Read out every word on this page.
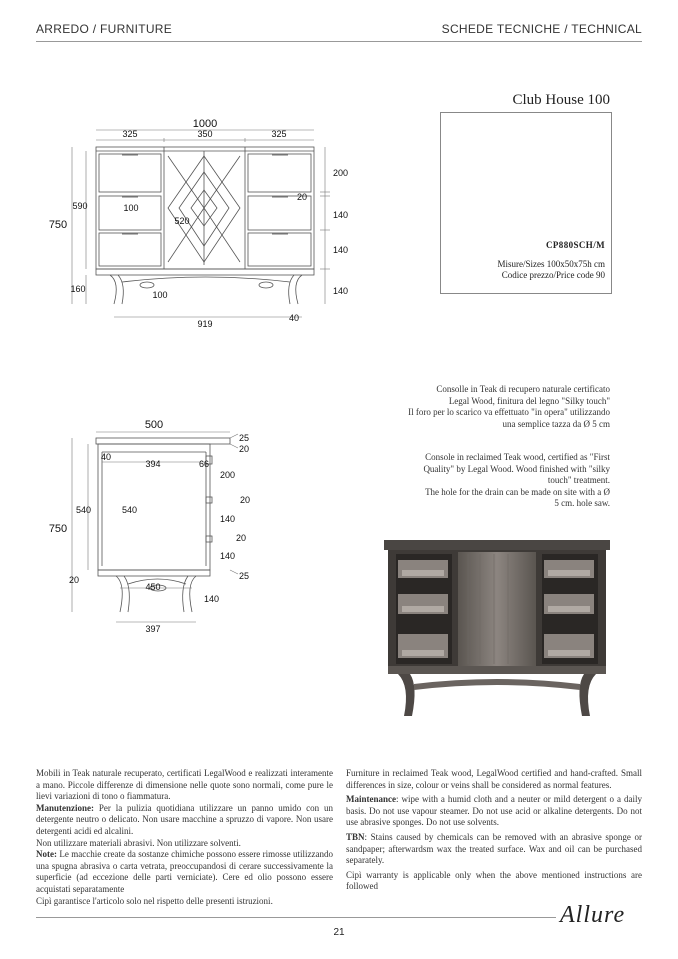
ARREDO / FURNITURE	SCHEDE TECNICHE / TECHNICAL
Club House 100
CP880SCH/M
Misure/Sizes 100x50x75h cm
Codice prezzo/Price code 90
1000
325	350	325
750
590	100
520
160
100
919
40
200
20
140
140
140
500
25
20
40
394	66
200
20
140
20
140
25
140
540	540
750
20
450
397
Consolle in Teak di recupero naturale certificato
Legal Wood, finitura del legno "Silky touch"
Il foro per lo scarico va effettuato "in opera" utilizzando
una semplice tazza da Ø 5 cm
Console in reclaimed Teak wood, certified as "First
Quality" by Legal Wood. Wood finished with "silky
touch" treatment.
The hole for the drain can be made on site with a Ø
5 cm. hole saw.

Mobili in Teak naturale recuperato, certificati LegalWood e realizzati interamente a mano. Piccole differenze di dimensione nelle quote sono normali, come pure le lievi variazioni di tono o fiammatura.

Manutenzione: Per la pulizia quotidiana utilizzare un panno umido con un detergente neutro o delicato. Non usare macchine a spruzzo di vapore. Non usare detergenti acidi ed alcalini.

Non utilizzare materiali abrasivi. Non utilizzare solventi.

Note: Le macchie create da sostanze chimiche possono essere rimosse utilizzando una spugna abrasiva o carta vetrata, preoccupandosi di cerare successivamente la superficie (ad eccezione delle parti verniciate). Cere ed olio possono essere acquistati separatamente

Cipì garantisce l'articolo solo nel rispetto delle presenti istruzioni.

Furniture in reclaimed Teak wood, LegalWood certified and hand-crafted. Small differences in size, colour or veins shall be considered as normal features.

Maintenance: wipe with a humid cloth and a neuter or mild detergent o a daily basis. Do not use vapour steamer. Do not use acid or alkaline detergents. Do not use abrasive sponges. Do not use solvents.

TBN: Stains caused by chemicals can be removed with an abrasive sponge or sandpaper; afterwardsm wax the treated surface. Wax and oil can be purchased separately.

Cipì warranty is applicable only when the above mentioned instructions are followed

Allure
21
